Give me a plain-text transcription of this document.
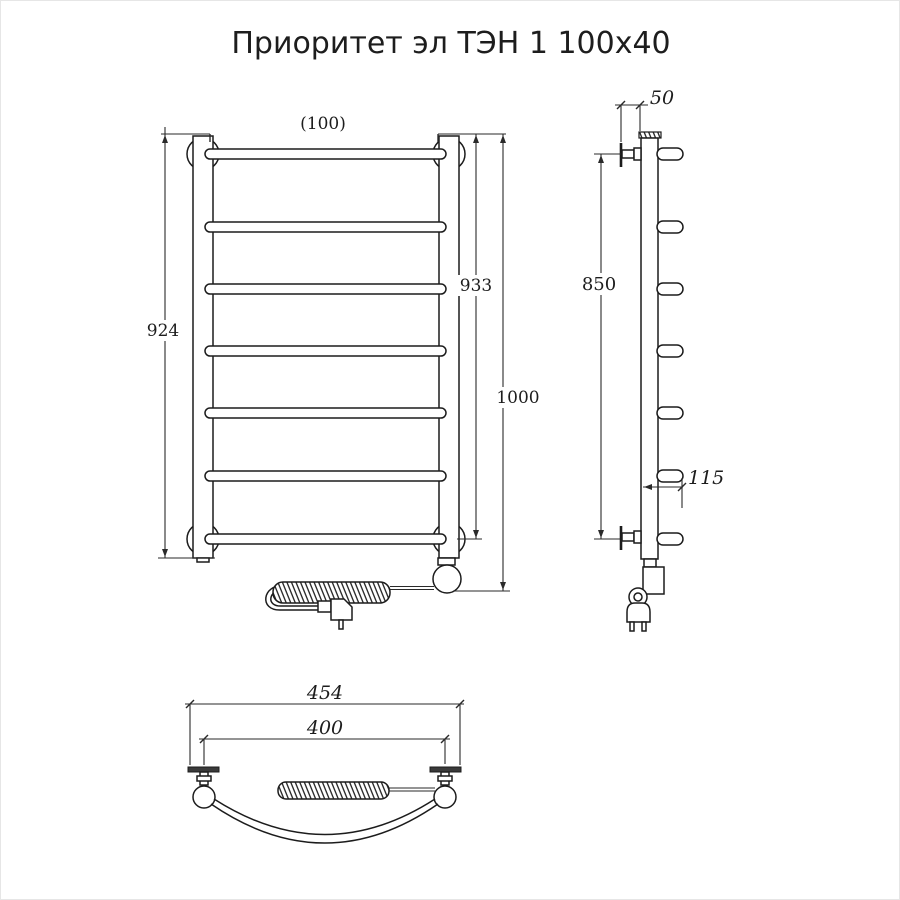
Приоритет эл ТЭН 1 100х40
924
933
1000
(100)
50
850
115
454
400
